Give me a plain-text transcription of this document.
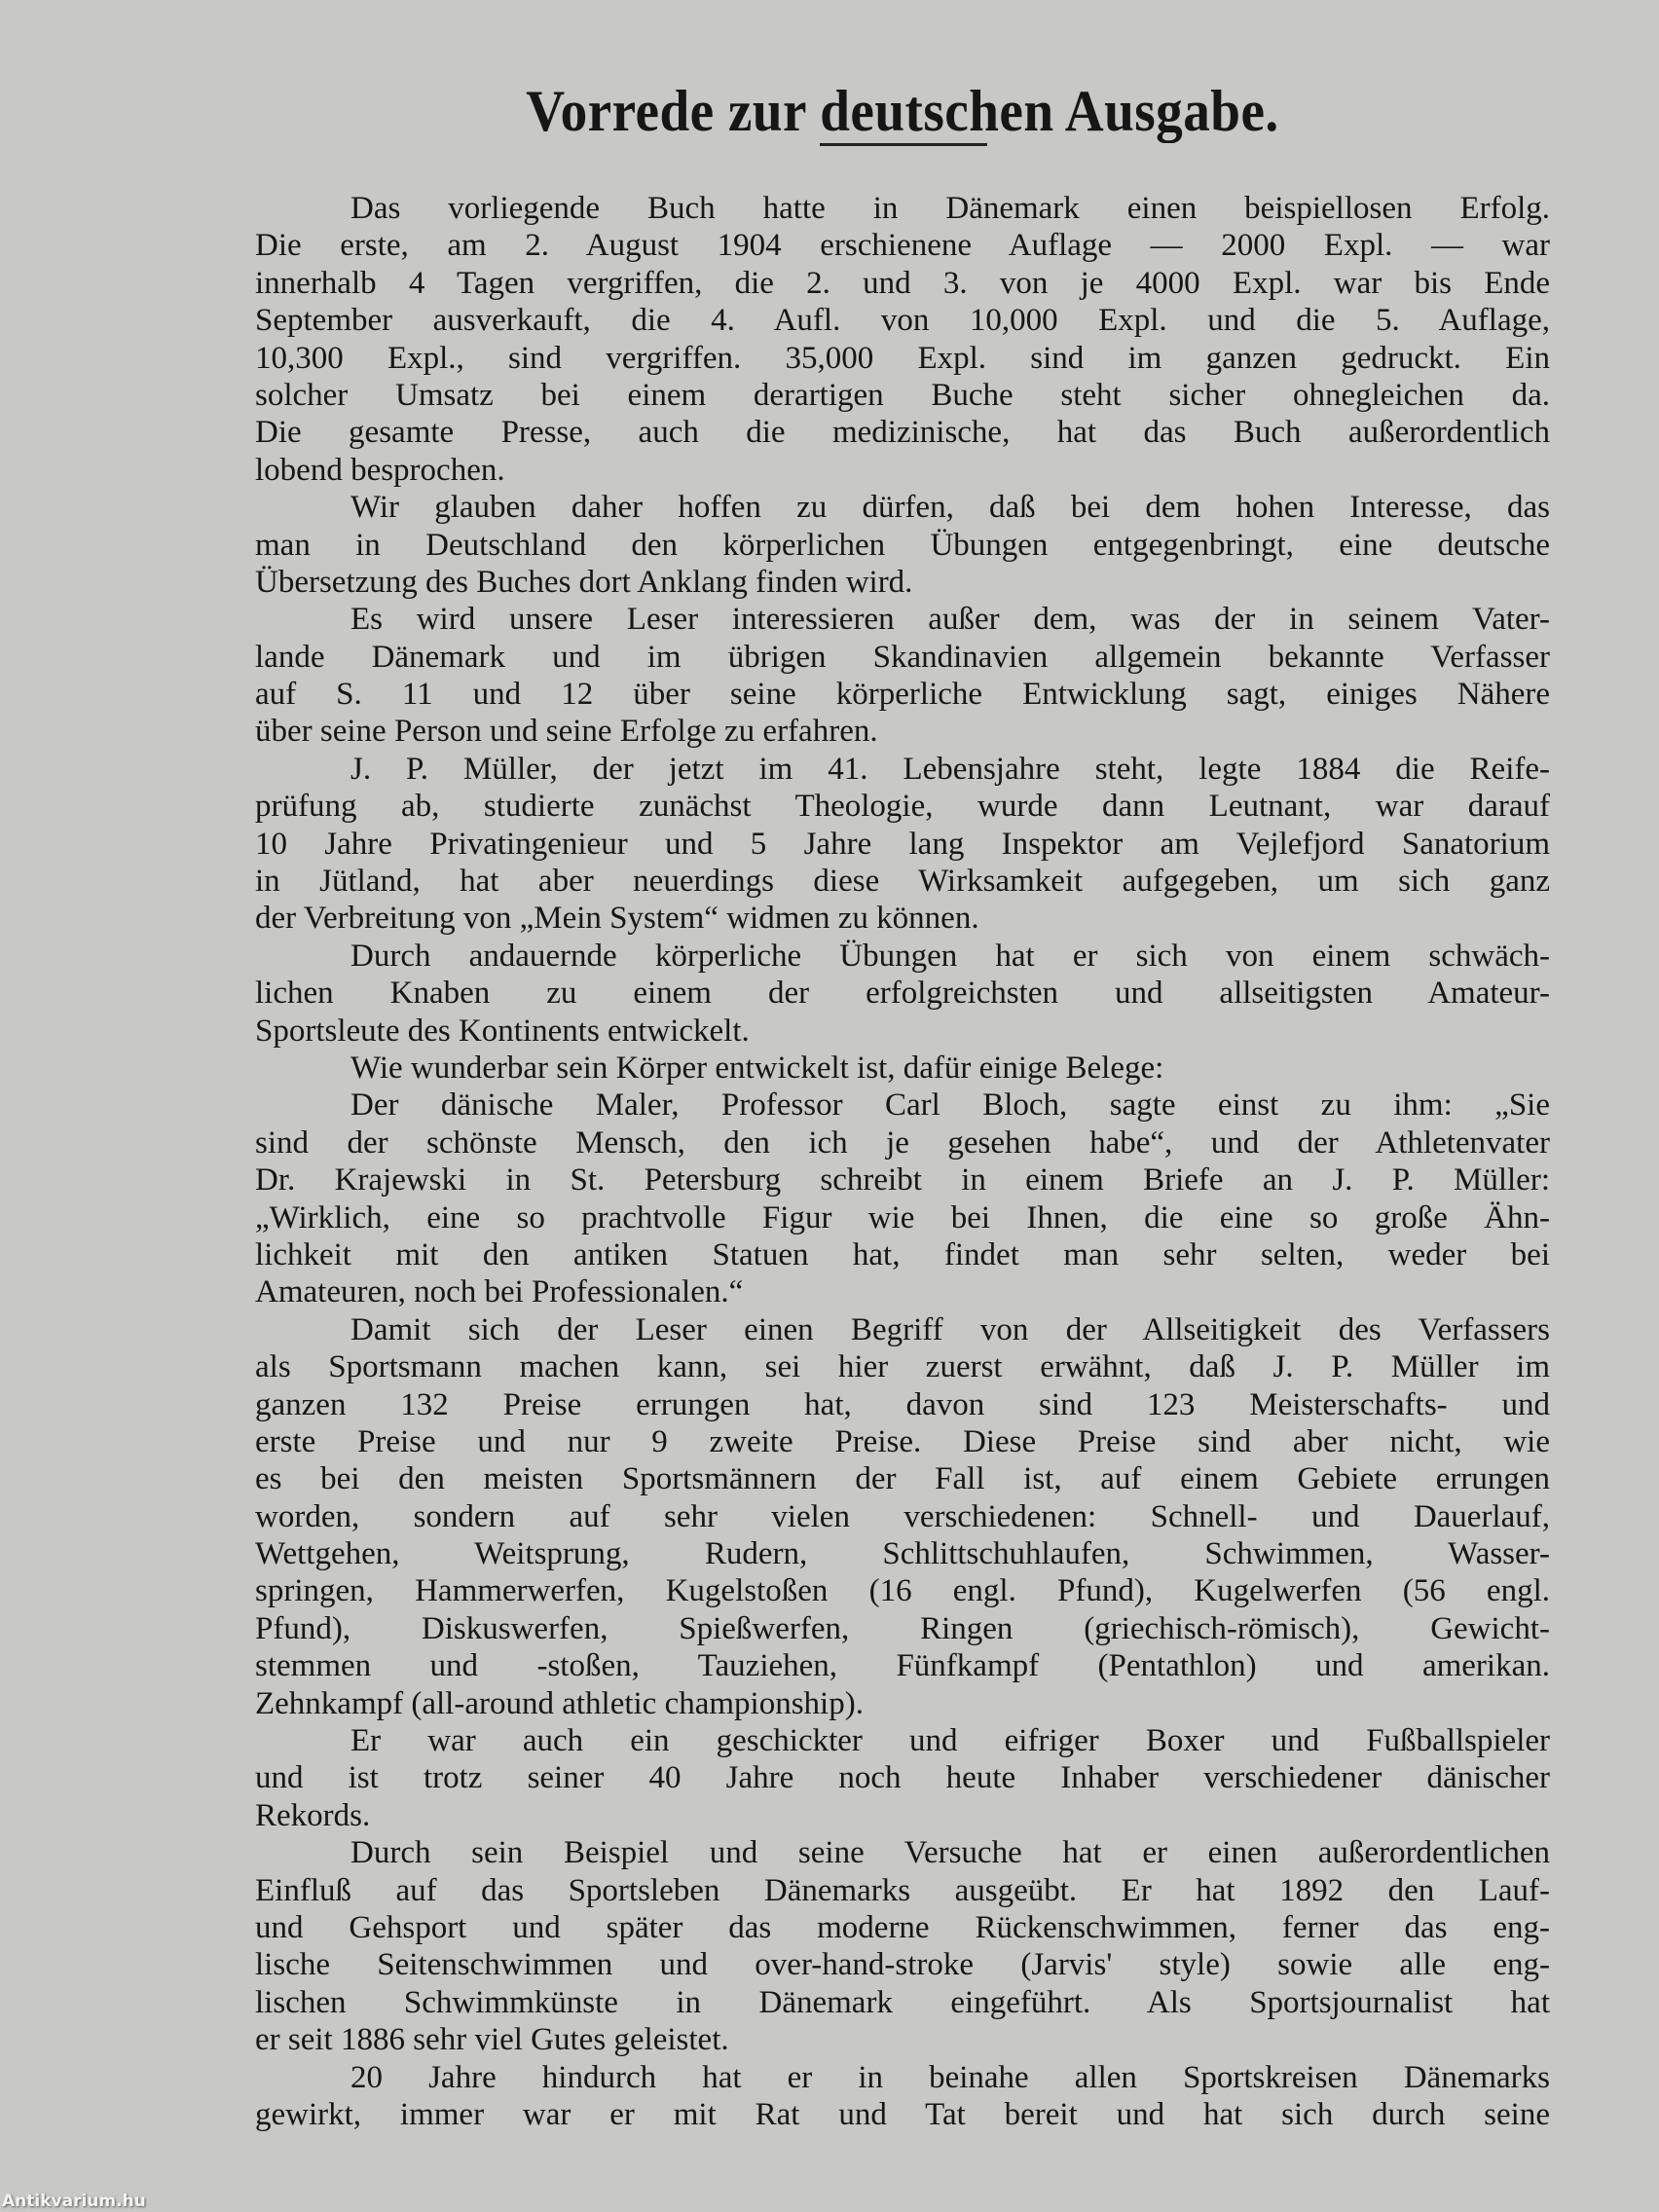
Vorrede zur deutschen Ausgabe.
Das vorliegende Buch hatte in Dänemark einen beispiellosen Erfolg.
Die erste, am 2. August 1904 erschienene Auflage — 2000 Expl. — war
innerhalb 4 Tagen vergriffen, die 2. und 3. von je 4000 Expl. war bis Ende
September ausverkauft, die 4. Aufl. von 10,000 Expl. und die 5. Auflage,
10,300 Expl., sind vergriffen. 35,000 Expl. sind im ganzen gedruckt. Ein
solcher Umsatz bei einem derartigen Buche steht sicher ohnegleichen da.
Die gesamte Presse, auch die medizinische, hat das Buch außerordentlich
lobend besprochen.
Wir glauben daher hoffen zu dürfen, daß bei dem hohen Interesse, das
man in Deutschland den körperlichen Übungen entgegenbringt, eine deutsche
Übersetzung des Buches dort Anklang finden wird.
Es wird unsere Leser interessieren außer dem, was der in seinem Vater-
lande Dänemark und im übrigen Skandinavien allgemein bekannte Verfasser
auf S. 11 und 12 über seine körperliche Entwicklung sagt, einiges Nähere
über seine Person und seine Erfolge zu erfahren.
J. P. Müller, der jetzt im 41. Lebensjahre steht, legte 1884 die Reife-
prüfung ab, studierte zunächst Theologie, wurde dann Leutnant, war darauf
10 Jahre Privatingenieur und 5 Jahre lang Inspektor am Vejlefjord Sanatorium
in Jütland, hat aber neuerdings diese Wirksamkeit aufgegeben, um sich ganz
der Verbreitung von „Mein System“ widmen zu können.
Durch andauernde körperliche Übungen hat er sich von einem schwäch-
lichen Knaben zu einem der erfolgreichsten und allseitigsten Amateur-
Sportsleute des Kontinents entwickelt.
Wie wunderbar sein Körper entwickelt ist, dafür einige Belege:
Der dänische Maler, Professor Carl Bloch, sagte einst zu ihm: „Sie
sind der schönste Mensch, den ich je gesehen habe“, und der Athletenvater
Dr. Krajewski in St. Petersburg schreibt in einem Briefe an J. P. Müller:
„Wirklich, eine so prachtvolle Figur wie bei Ihnen, die eine so große Ähn-
lichkeit mit den antiken Statuen hat, findet man sehr selten, weder bei
Amateuren, noch bei Professionalen.“
Damit sich der Leser einen Begriff von der Allseitigkeit des Verfassers
als Sportsmann machen kann, sei hier zuerst erwähnt, daß J. P. Müller im
ganzen 132 Preise errungen hat, davon sind 123 Meisterschafts- und
erste Preise und nur 9 zweite Preise. Diese Preise sind aber nicht, wie
es bei den meisten Sportsmännern der Fall ist, auf einem Gebiete errungen
worden, sondern auf sehr vielen verschiedenen: Schnell- und Dauerlauf,
Wettgehen, Weitsprung, Rudern, Schlittschuhlaufen, Schwimmen, Wasser-
springen, Hammerwerfen, Kugelstoßen (16 engl. Pfund), Kugelwerfen (56 engl.
Pfund), Diskuswerfen, Spießwerfen, Ringen (griechisch-römisch), Gewicht-
stemmen und -stoßen, Tauziehen, Fünfkampf (Pentathlon) und amerikan.
Zehnkampf (all-around athletic championship).
Er war auch ein geschickter und eifriger Boxer und Fußballspieler
und ist trotz seiner 40 Jahre noch heute Inhaber verschiedener dänischer
Rekords.
Durch sein Beispiel und seine Versuche hat er einen außerordentlichen
Einfluß auf das Sportsleben Dänemarks ausgeübt. Er hat 1892 den Lauf-
und Gehsport und später das moderne Rückenschwimmen, ferner das eng-
lische Seitenschwimmen und over-hand-stroke (Jarvis' style) sowie alle eng-
lischen Schwimmkünste in Dänemark eingeführt. Als Sportsjournalist hat
er seit 1886 sehr viel Gutes geleistet.
20 Jahre hindurch hat er in beinahe allen Sportskreisen Dänemarks
gewirkt, immer war er mit Rat und Tat bereit und hat sich durch seine
Antikvarium.hu
